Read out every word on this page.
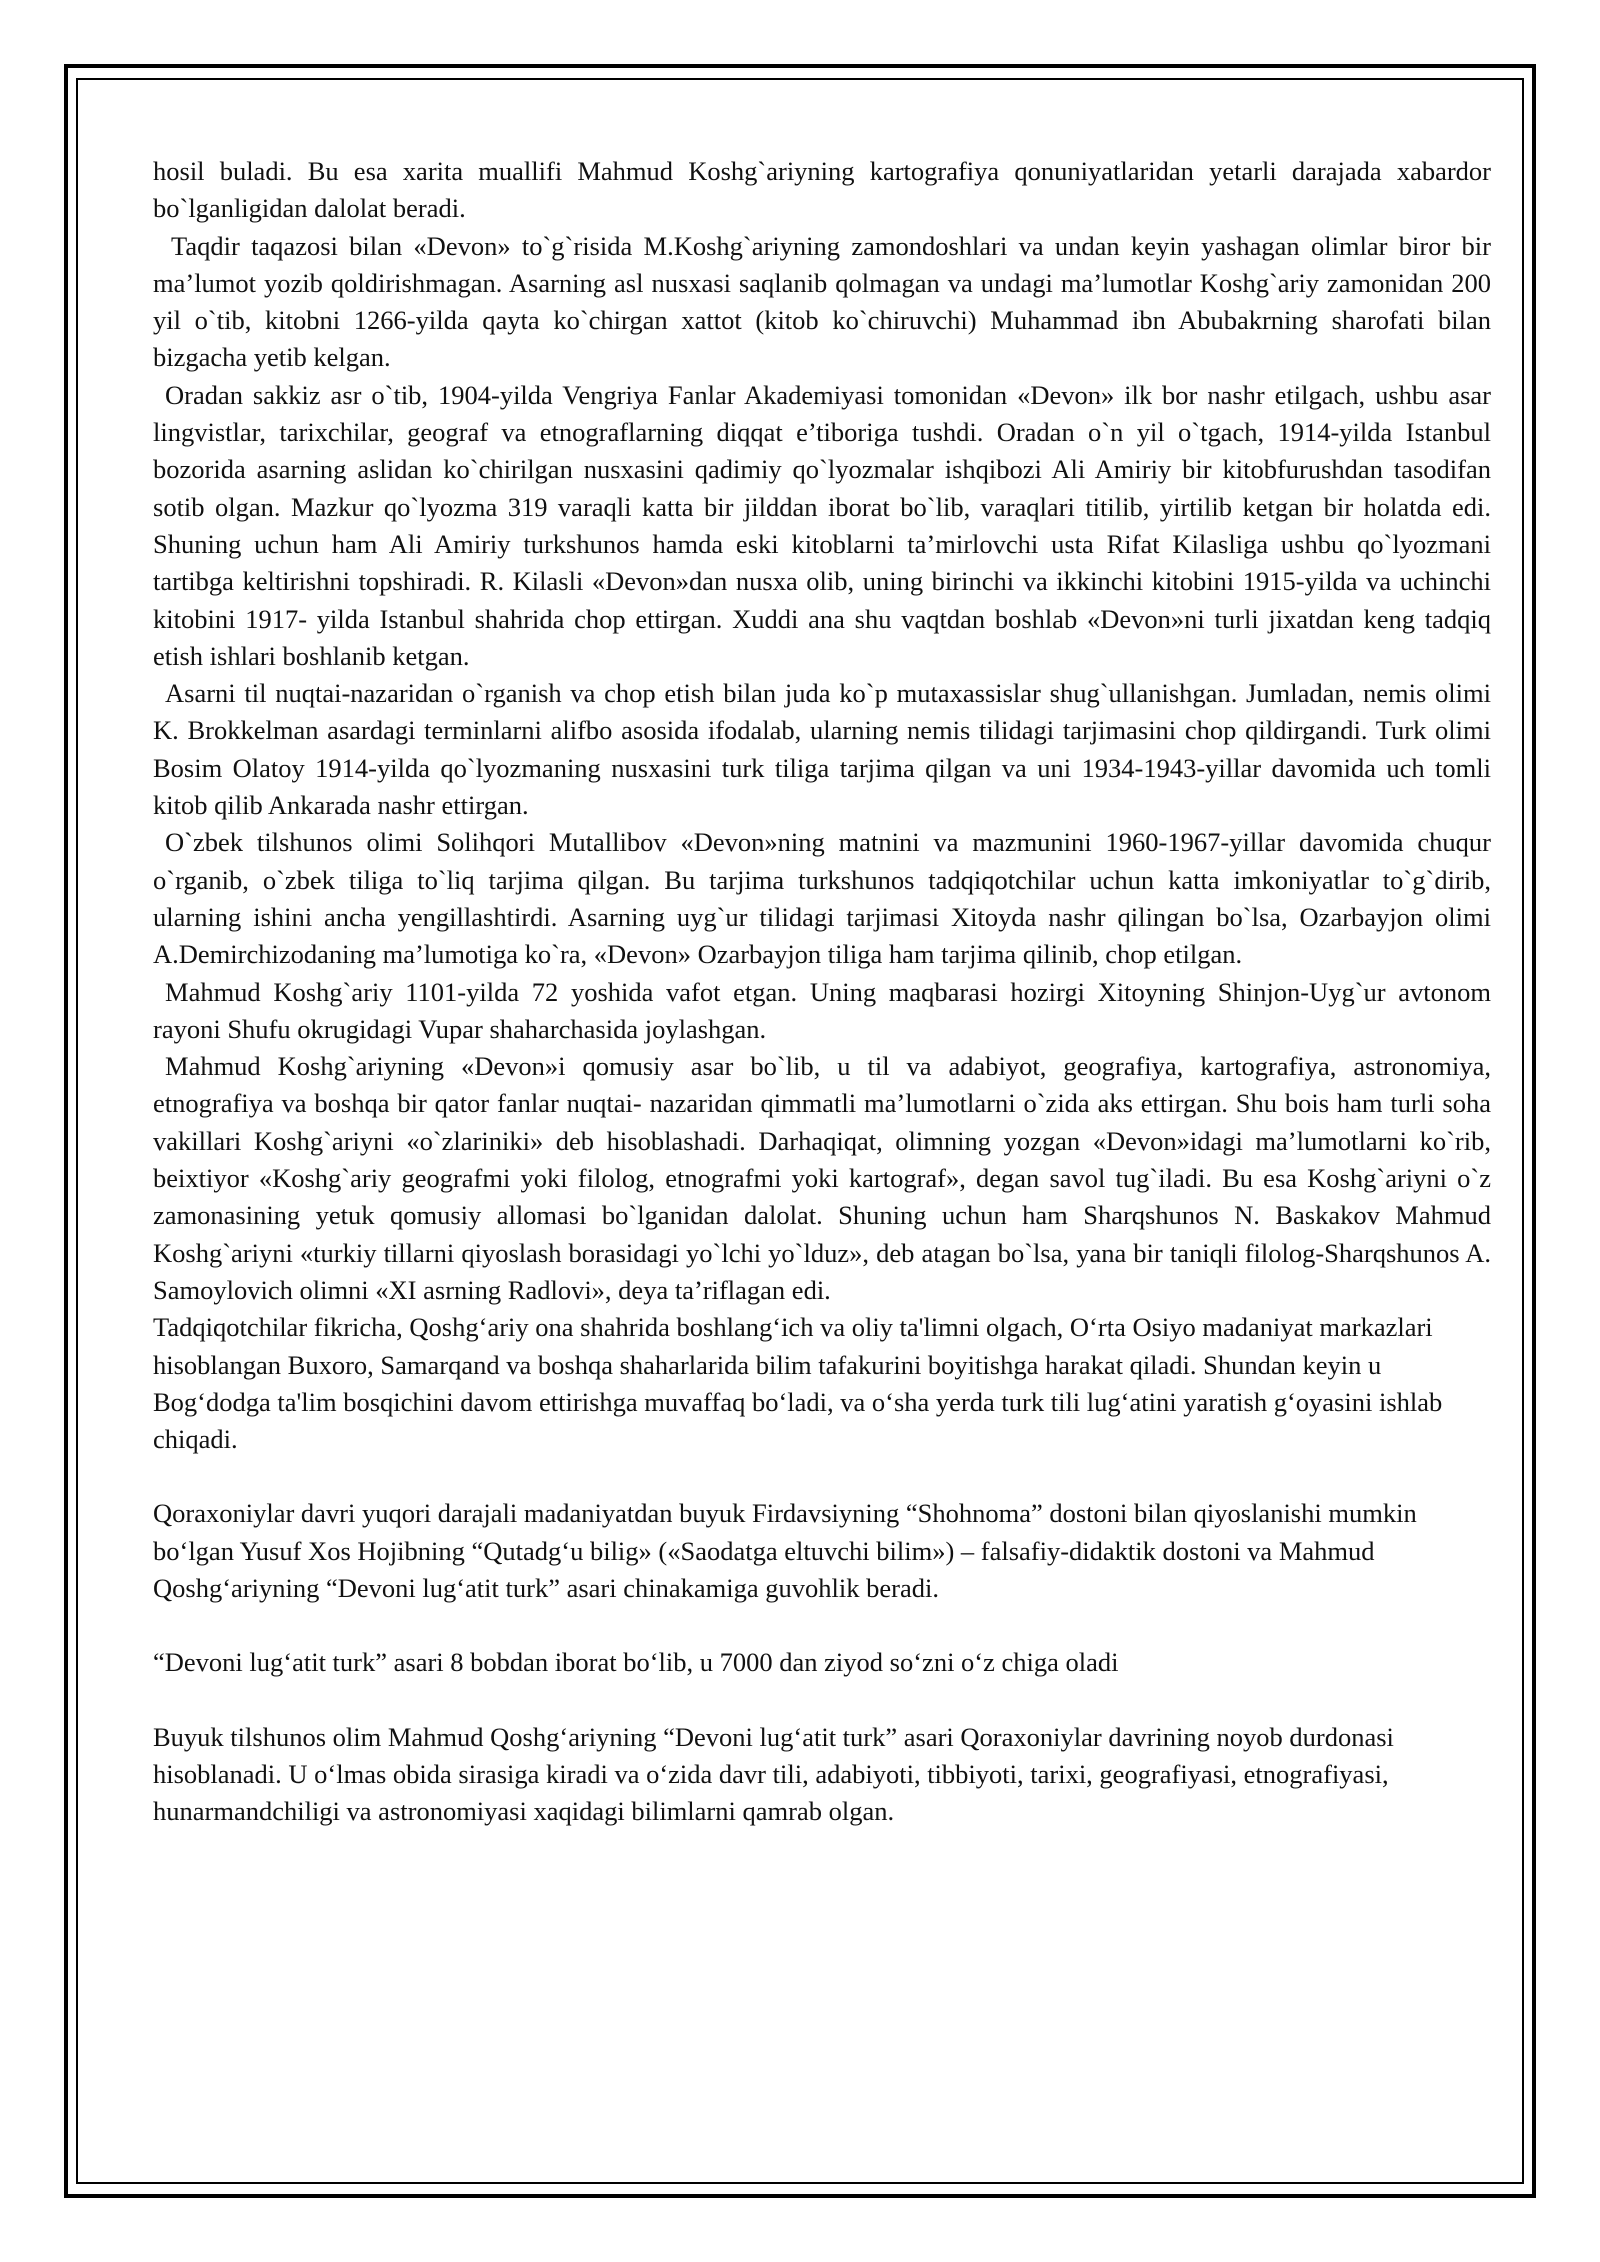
hosil buladi. Bu esa xarita muallifi Mahmud Koshg`ariyning kartografiya qonuniyatlaridan yetarli darajada xabardor bo`lganligidan dalolat beradi.

Taqdir taqazosi bilan «Devon» to`g`risida M.Koshg`ariyning zamondoshlari va undan keyin yashagan olimlar biror bir ma’lumot yozib qoldirishmagan. Asarning asl nusxasi saqlanib qolmagan va undagi ma’lumotlar Koshg`ariy zamonidan 200 yil o`tib, kitobni 1266-yilda qayta ko`chirgan xattot (kitob ko`chiruvchi) Muhammad ibn Abubakrning sharofati bilan bizgacha yetib kelgan.

Oradan sakkiz asr o`tib, 1904-yilda Vengriya Fanlar Akademiyasi tomonidan «Devon» ilk bor nashr etilgach, ushbu asar lingvistlar, tarixchilar, geograf va etnograflarning diqqat e’tiboriga tushdi. Oradan o`n yil o`tgach, 1914-yilda Istanbul bozorida asarning aslidan ko`chirilgan nusxasini qadimiy qo`lyozmalar ishqibozi Ali Amiriy bir kitobfurushdan tasodifan sotib olgan. Mazkur qo`lyozma 319 varaqli katta bir jilddan iborat bo`lib, varaqlari titilib, yirtilib ketgan bir holatda edi. Shuning uchun ham Ali Amiriy turkshunos hamda eski kitoblarni ta’mirlovchi usta Rifat Kilasliga ushbu qo`lyozmani tartibga keltirishni topshiradi. R. Kilasli «Devon»dan nusxa olib, uning birinchi va ikkinchi kitobini 1915-yilda va uchinchi kitobini 1917- yilda Istanbul shahrida chop ettirgan. Xuddi ana shu vaqtdan boshlab «Devon»ni turli jixatdan keng tadqiq etish ishlari boshlanib ketgan.

Asarni til nuqtai-nazaridan o`rganish va chop etish bilan juda ko`p mutaxassislar shug`ullanishgan. Jumladan, nemis olimi K. Brokkelman asardagi terminlarni alifbo asosida ifodalab, ularning nemis tilidagi tarjimasini chop qildirgandi. Turk olimi Bosim Olatoy 1914-yilda qo`lyozmaning nusxasini turk tiliga tarjima qilgan va uni 1934-1943-yillar davomida uch tomli kitob qilib Ankarada nashr ettirgan.

O`zbek tilshunos olimi Solihqori Mutallibov «Devon»ning matnini va mazmunini 1960-1967-yillar davomida chuqur o`rganib, o`zbek tiliga to`liq tarjima qilgan. Bu tarjima turkshunos tadqiqotchilar uchun katta imkoniyatlar to`g`dirib, ularning ishini ancha yengillashtirdi. Asarning uyg`ur tilidagi tarjimasi Xitoyda nashr qilingan bo`lsa, Ozarbayjon olimi A.Demirchizodaning ma’lumotiga ko`ra, «Devon» Ozarbayjon tiliga ham tarjima qilinib, chop etilgan.

Mahmud Koshg`ariy 1101-yilda 72 yoshida vafot etgan. Uning maqbarasi hozirgi Xitoyning Shinjon-Uyg`ur avtonom rayoni Shufu okrugidagi Vupar shaharchasida joylashgan.

Mahmud Koshg`ariyning «Devon»i qomusiy asar bo`lib, u til va adabiyot, geografiya, kartografiya, astronomiya, etnografiya va boshqa bir qator fanlar nuqtai- nazaridan qimmatli ma’lumotlarni o`zida aks ettirgan. Shu bois ham turli soha vakillari Koshg`ariyni «o`zlariniki» deb hisoblashadi. Darhaqiqat, olimning yozgan «Devon»idagi ma’lumotlarni ko`rib, beixtiyor «Koshg`ariy geografmi yoki filolog, etnografmi yoki kartograf», degan savol tug`iladi. Bu esa Koshg`ariyni o`z zamonasining yetuk qomusiy allomasi bo`lganidan dalolat. Shuning uchun ham Sharqshunos N. Baskakov Mahmud Koshg`ariyni «turkiy tillarni qiyoslash borasidagi yo`lchi yo`lduz», deb atagan bo`lsa, yana bir taniqli filolog-Sharqshunos A. Samoylovich olimni «XI asrning Radlovi», deya ta’riflagan edi.

Tadqiqotchilar fikricha, Qoshg‘ariy ona shahrida boshlang‘ich va oliy ta'limni olgach, O‘rta Osiyo madaniyat markazlari hisoblangan Buxoro, Samarqand va boshqa shaharlarida bilim tafakurini boyitishga harakat qiladi. Shundan keyin u Bog‘dodga ta'lim bosqichini davom ettirishga muvaffaq bo‘ladi, va o‘sha yerda turk tili lug‘atini yaratish g‘oyasini ishlab chiqadi.

Qoraxoniylar davri yuqori darajali madaniyatdan buyuk Firdavsiyning “Shohnoma” dostoni bilan qiyoslanishi mumkin bo‘lgan Yusuf Xos Hojibning “Qutadg‘u bilig» («Saodatga eltuvchi bilim») – falsafiy-didaktik dostoni va Mahmud Qoshg‘ariyning “Devoni lug‘atit turk” asari chinakamiga guvohlik beradi.

“Devoni lug‘atit turk” asari 8 bobdan iborat bo‘lib, u 7000 dan ziyod so‘zni o‘z chiga oladi

Buyuk tilshunos olim Mahmud Qoshg‘ariyning “Devoni lug‘atit turk” asari Qoraxoniylar davrining noyob durdonasi hisoblanadi. U o‘lmas obida sirasiga kiradi va o‘zida davr tili, adabiyoti, tibbiyoti, tarixi, geografiyasi, etnografiyasi, hunarmandchiligi va astronomiyasi xaqidagi bilimlarni qamrab olgan.
